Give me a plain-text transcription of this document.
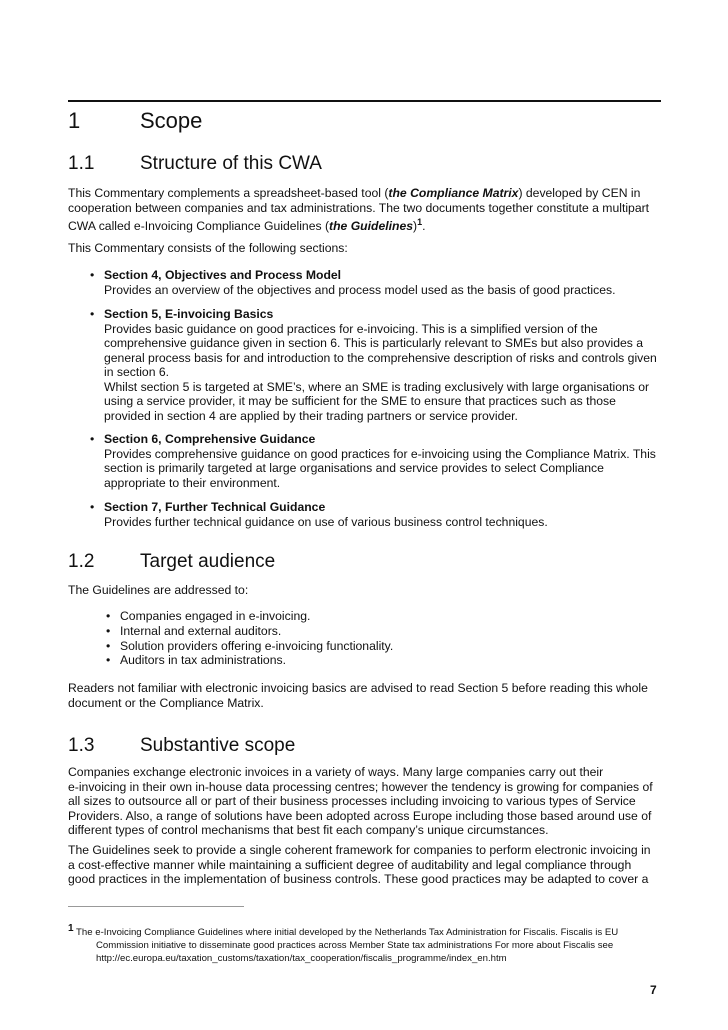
1	Scope
1.1 Structure of this CWA
This Commentary complements a spreadsheet-based tool (the Compliance Matrix) developed by CEN in
cooperation between companies and tax administrations. The two documents together constitute a multipart
CWA called e-Invoicing Compliance Guidelines (the Guidelines)$^1$.
This Commentary consists of the following sections:
• Section 4, Objectives and Process Model
Provides an overview of the objectives and process model used as the basis of good practices.
• Section 5, E-invoicing Basics
Provides basic guidance on good practices for e-invoicing. This is a simplified version of the
comprehensive guidance given in section 6. This is particularly relevant to SMEs but also provides a
general process basis for and introduction to the comprehensive description of risks and controls given
in section 6.
Whilst section 5 is targeted at SME’s, where an SME is trading exclusively with large organisations or
using a service provider, it may be sufficient for the SME to ensure that practices such as those
provided in section 4 are applied by their trading partners or service provider.
• Section 6, Comprehensive Guidance
Provides comprehensive guidance on good practices for e-invoicing using the Compliance Matrix. This
section is primarily targeted at large organisations and service provides to select Compliance
appropriate to their environment.
• Section 7, Further Technical Guidance
Provides further technical guidance on use of various business control techniques.
1.2 Target audience
The Guidelines are addressed to:
• Companies engaged in e-invoicing.
• Internal and external auditors.
• Solution providers offering e-invoicing functionality.
• Auditors in tax administrations.
Readers not familiar with electronic invoicing basics are advised to read Section 5 before reading this whole
document or the Compliance Matrix.
1.3 Substantive scope
Companies exchange electronic invoices in a variety of ways. Many large companies carry out their
e-invoicing in their own in-house data processing centres; however the tendency is growing for companies of
all sizes to outsource all or part of their business processes including invoicing to various types of Service
Providers. Also, a range of solutions have been adopted across Europe including those based around use of
different types of control mechanisms that best fit each company’s unique circumstances.
The Guidelines seek to provide a single coherent framework for companies to perform electronic invoicing in
a cost-effective manner while maintaining a sufficient degree of auditability and legal compliance through
good practices in the implementation of business controls. These good practices may be adapted to cover a
1 The e-Invoicing Compliance Guidelines where initial developed by the Netherlands Tax Administration for Fiscalis. Fiscalis is EU
Commission initiative to disseminate good practices across Member State tax administrations For more about Fiscalis see
http://ec.europa.eu/taxation_customs/taxation/tax_cooperation/fiscalis_programme/index_en.htm
7
